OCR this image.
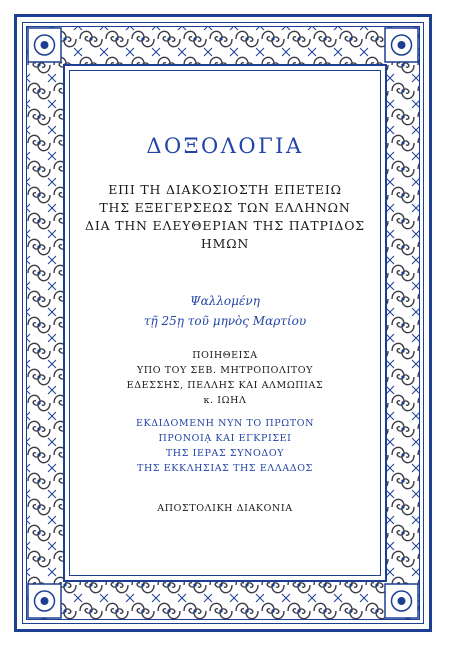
ΔΟΞΟΛΟΓΙΑ
ΕΠΙ ΤΗ ΔΙΑΚΟΣΙΟΣΤΗ ΕΠΕΤΕΙΩ
ΤΗΣ ΕΞΕΓΕΡΣΕΩΣ ΤΩΝ ΕΛΛΗΝΩΝ
ΔΙΑ ΤΗΝ ΕΛΕΥΘΕΡΙΑΝ ΤΗΣ ΠΑΤΡΙΔΟΣ
ΗΜΩΝ
Ψαλλομένη
τῇ 25ῃ τοῦ μηνὸς Μαρτίου
ΠΟΙΗΘΕΙΣΑ
ΥΠΟ ΤΟΥ ΣΕΒ. ΜΗΤΡΟΠΟΛΙΤΟΥ
ΕΔΕΣΣΗΣ, ΠΕΛΛΗΣ ΚΑΙ ΑΛΜΩΠΙΑΣ
κ. ΙΩΗΛ
ΕΚΔΙΔΟΜΕΝΗ ΝΥΝ ΤΟ ΠΡΩΤΟΝ
ΠΡΟΝΟΙᾼ ΚΑΙ ΕΓΚΡΙΣΕΙ
ΤΗΣ ΙΕΡΑΣ ΣΥΝΟΔΟΥ
ΤΗΣ ΕΚΚΛΗΣΙΑΣ ΤΗΣ ΕΛΛΑΔΟΣ
ΑΠΟΣΤΟΛΙΚΗ ΔΙΑΚΟΝΙΑ
